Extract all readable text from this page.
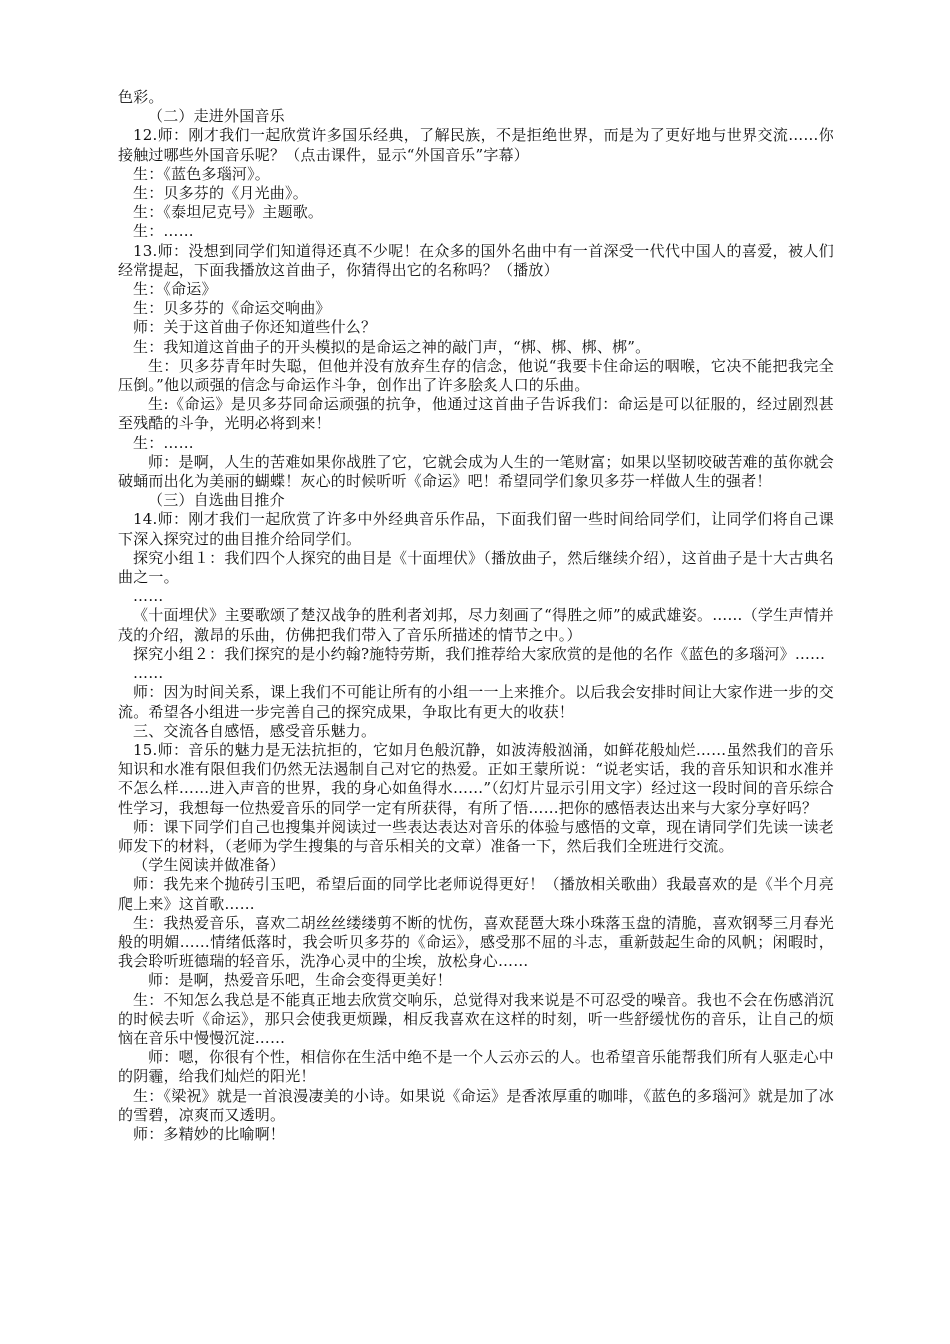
色彩。

（二）走进外国音乐

12.师：刚才我们一起欣赏许多国乐经典，了解民族，不是拒绝世界，而是为了更好地与世界交流……你接触过哪些外国音乐呢？（点击课件，显示“外国音乐”字幕）

生：《蓝色多瑙河》。

生：贝多芬的《月光曲》。

生：《泰坦尼克号》主题歌。

生：……

13.师：没想到同学们知道得还真不少呢！在众多的国外名曲中有一首深受一代代中国人的喜爱，被人们经常提起，下面我播放这首曲子，你猜得出它的名称吗？（播放）

生：《命运》

生：贝多芬的《命运交响曲》

师：关于这首曲子你还知道些什么？

生：我知道这首曲子的开头模拟的是命运之神的敲门声，“梆、梆、梆、梆”。

生：贝多芬青年时失聪，但他并没有放弃生存的信念，他说“我要卡住命运的咽喉，它决不能把我完全压倒。”他以顽强的信念与命运作斗争，创作出了许多脍炙人口的乐曲。

生:《命运》是贝多芬同命运顽强的抗争，他通过这首曲子告诉我们：命运是可以征服的，经过剧烈甚至残酷的斗争，光明必将到来！

生：……

师：是啊，人生的苦难如果你战胜了它，它就会成为人生的一笔财富；如果以坚韧咬破苦难的茧你就会破蛹而出化为美丽的蝴蝶！灰心的时候听听《命运》吧！希望同学们象贝多芬一样做人生的强者！

（三）自选曲目推介

14.师：刚才我们一起欣赏了许多中外经典音乐作品，下面我们留一些时间给同学们，让同学们将自己课下深入探究过的曲目推介给同学们。

探究小组１：我们四个人探究的曲目是《十面埋伏》（播放曲子，然后继续介绍），这首曲子是十大古典名曲之一。

……

《十面埋伏》主要歌颂了楚汉战争的胜利者刘邦，尽力刻画了“得胜之师”的威武雄姿。……（学生声情并茂的介绍，激昂的乐曲，仿佛把我们带入了音乐所描述的情节之中。）

探究小组２：我们探究的是小约翰?施特劳斯，我们推荐给大家欣赏的是他的名作《蓝色的多瑙河》……

……

师：因为时间关系，课上我们不可能让所有的小组一一上来推介。以后我会安排时间让大家作进一步的交流。希望各小组进一步完善自己的探究成果，争取比有更大的收获！

三、交流各自感悟，感受音乐魅力。

15.师：音乐的魅力是无法抗拒的，它如月色般沉静，如波涛般汹涌，如鲜花般灿烂……虽然我们的音乐知识和水准有限但我们仍然无法遏制自己对它的热爱。正如王蒙所说：“说老实话，我的音乐知识和水准并不怎么样……进入声音的世界，我的身心如鱼得水……”（幻灯片显示引用文字）经过这一段时间的音乐综合性学习，我想每一位热爱音乐的同学一定有所获得，有所了悟……把你的感悟表达出来与大家分享好吗？

师：课下同学们自己也搜集并阅读过一些表达表达对音乐的体验与感悟的文章，现在请同学们先读一读老师发下的材料，（老师为学生搜集的与音乐相关的文章）准备一下，然后我们全班进行交流。

（学生阅读并做准备）

师：我先来个抛砖引玉吧，希望后面的同学比老师说得更好！（播放相关歌曲）我最喜欢的是《半个月亮爬上来》这首歌……

生：我热爱音乐，喜欢二胡丝丝缕缕剪不断的忧伤，喜欢琵琶大珠小珠落玉盘的清脆，喜欢钢琴三月春光般的明媚……情绪低落时，我会听贝多芬的《命运》，感受那不屈的斗志，重新鼓起生命的风帆；闲暇时，我会聆听班德瑞的轻音乐，洗净心灵中的尘埃，放松身心……

师：是啊，热爱音乐吧，生命会变得更美好！

生：不知怎么我总是不能真正地去欣赏交响乐，总觉得对我来说是不可忍受的噪音。我也不会在伤感消沉的时候去听《命运》，那只会使我更烦躁，相反我喜欢在这样的时刻，听一些舒缓忧伤的音乐，让自己的烦恼在音乐中慢慢沉淀……

师：嗯，你很有个性，相信你在生活中绝不是一个人云亦云的人。也希望音乐能帮我们所有人驱走心中的阴霾，给我们灿烂的阳光！

生：《梁祝》就是一首浪漫凄美的小诗。如果说《命运》是香浓厚重的咖啡，《蓝色的多瑙河》就是加了冰的雪碧，凉爽而又透明。

师：多精妙的比喻啊！
